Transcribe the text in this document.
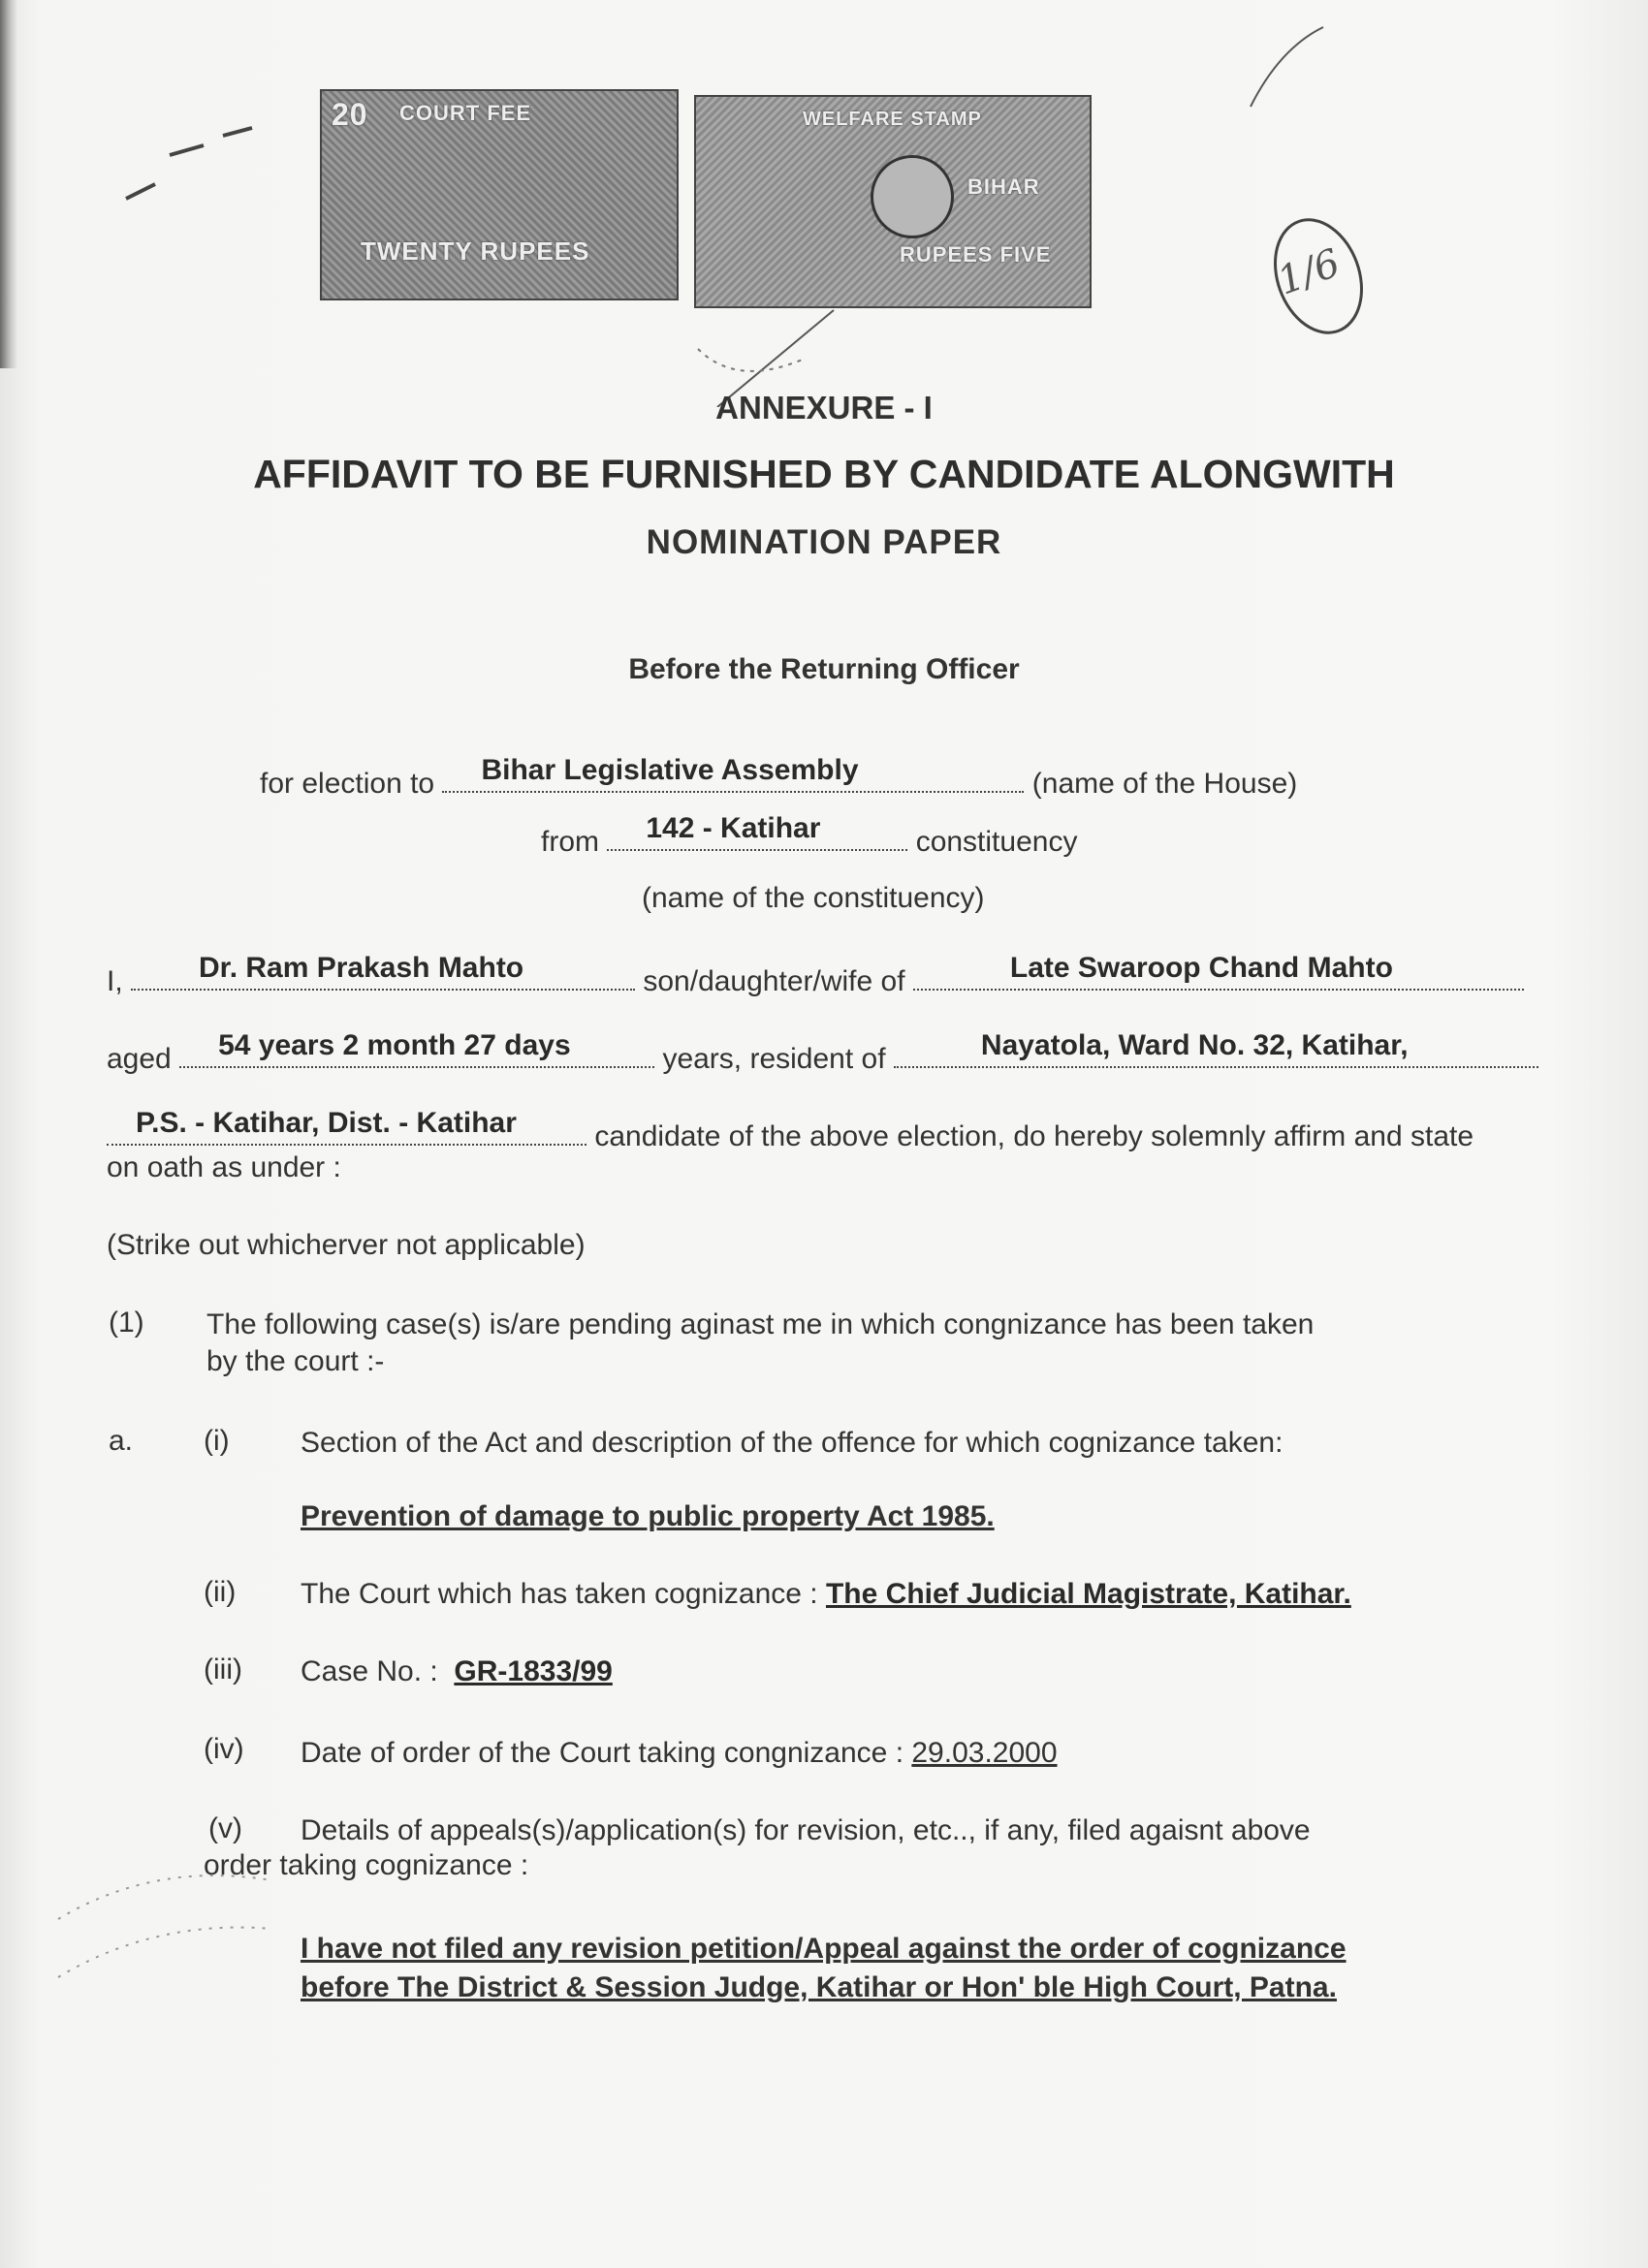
20 COURT FEE
TWENTY RUPEES
WELFARE STAMP
BIHAR
RUPEES FIVE	1/6
ANNEXURE - I
AFFIDAVIT TO BE FURNISHED BY CANDIDATE ALONGWITH
NOMINATION PAPER
Before the Returning Officer
for election to Bihar Legislative Assembly	(name of the House)
from 142 - Katihar	constituency
(name of the constituency)
I,	Dr. Ram Prakash Mahto	son/daughter/wife of	Late Swaroop Chand Mahto
aged 54 years 2 month 27 days	years, resident of	Nayatola, Ward No. 32, Katihar,
P.S. - Katihar, Dist. - Katihar	candidate of the above election, do hereby solemnly affirm and state
on oath as under :
(Strike out whicherver not applicable)
(1) The following case(s) is/are pending aginast me in which congnizance has been taken
by the court :-
a. (i) Section of the Act and description of the offence for which cognizance taken:
Prevention of damage to public property Act 1985.
(ii) The Court which has taken cognizance : The Chief Judicial Magistrate, Katihar.
(iii) Case No. : GR-1833/99
(iv) Date of order of the Court taking congnizance : 29.03.2000
(v) Details of appeals(s)/application(s) for revision, etc.., if any, filed agaisnt above
order taking cognizance :
I have not filed any revision petition/Appeal against the order of cognizance
before The District & Session Judge, Katihar or Hon' ble High Court, Patna.
